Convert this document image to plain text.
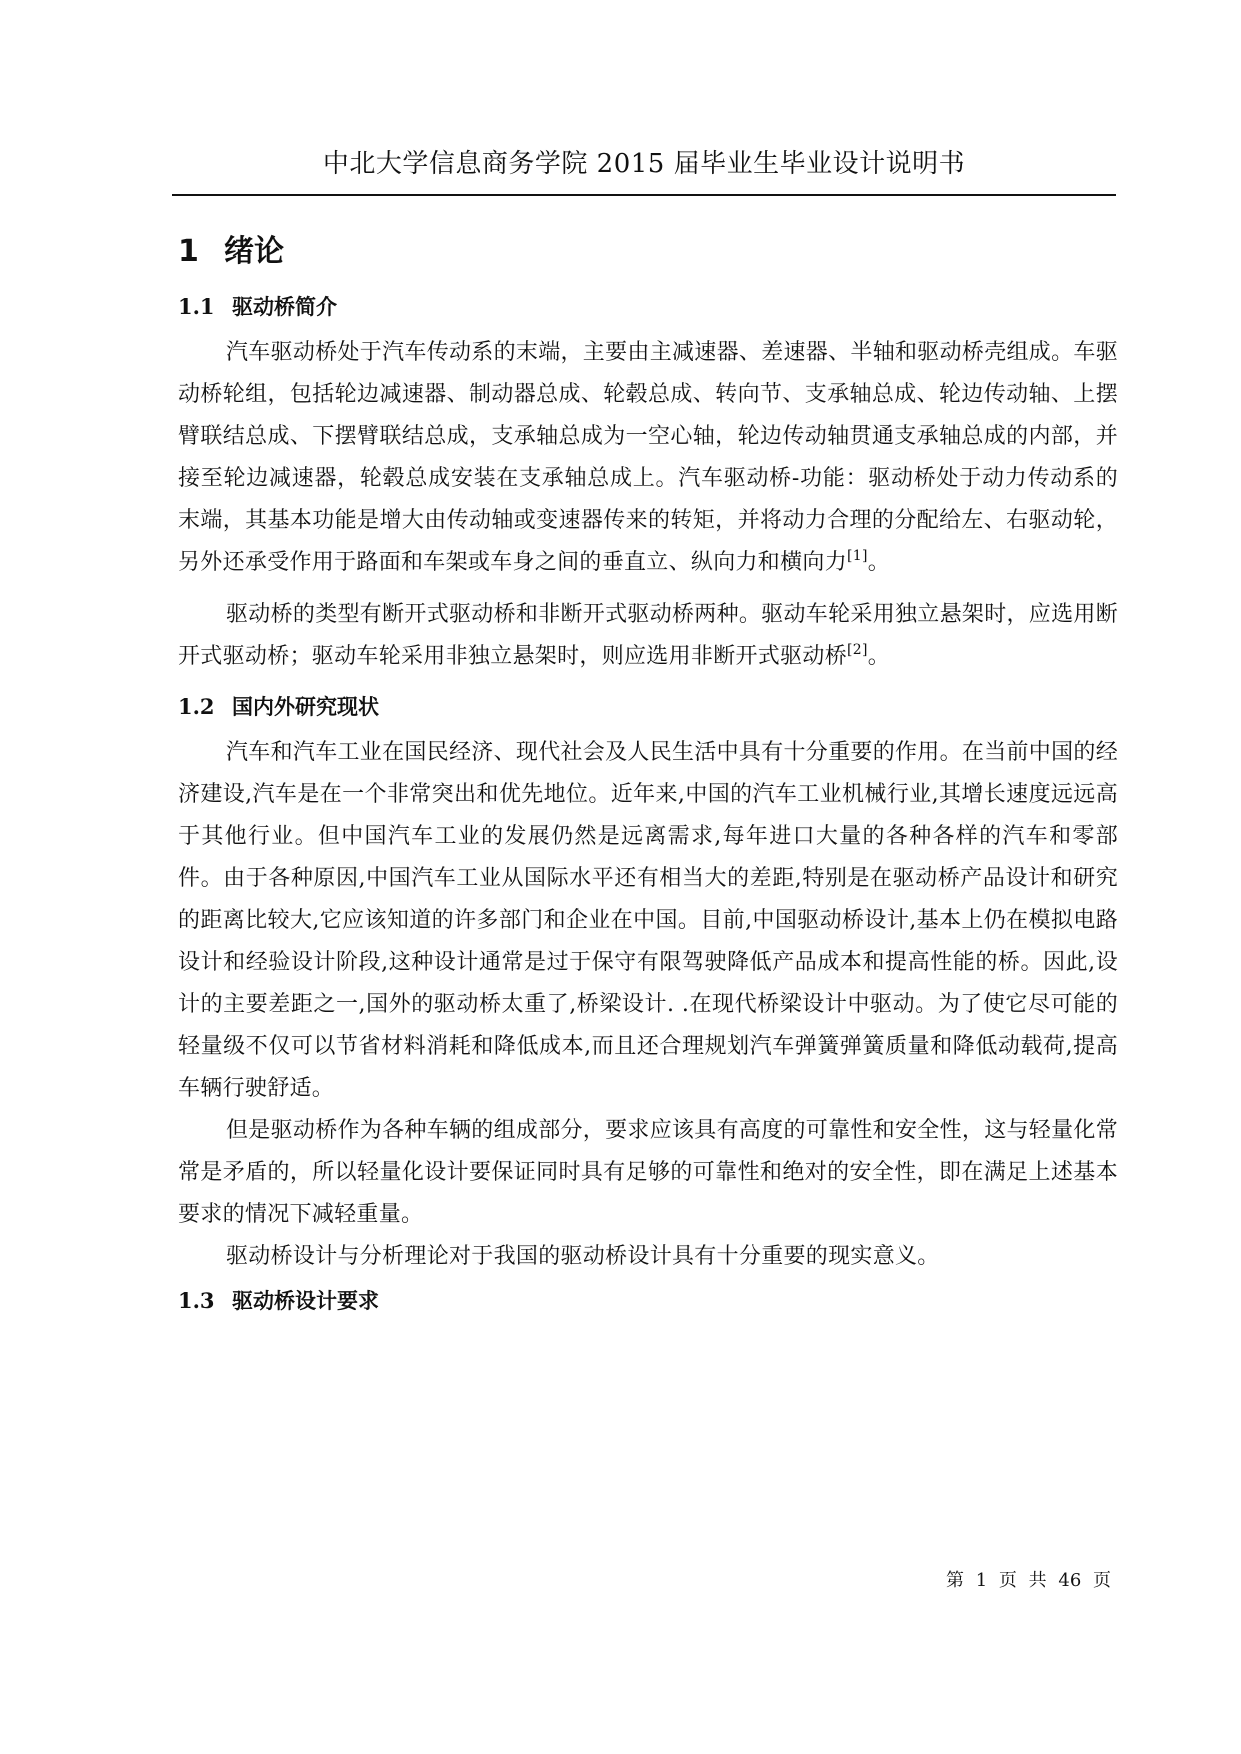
中北大学信息商务学院 2015 届毕业生毕业设计说明书
1 绪论
1.1 驱动桥简介

汽车驱动桥处于汽车传动系的末端，主要由主减速器、差速器、半轴和驱动桥壳组成。车驱动桥轮组，包括轮边减速器、制动器总成、轮毂总成、转向节、支承轴总成、轮边传动轴、上摆臂联结总成、下摆臂联结总成，支承轴总成为一空心轴，轮边传动轴贯通支承轴总成的内部，并接至轮边减速器，轮毂总成安装在支承轴总成上。汽车驱动桥-功能：驱动桥处于动力传动系的末端，其基本功能是增大由传动轴或变速器传来的转矩，并将动力合理的分配给左、右驱动轮，另外还承受作用于路面和车架或车身之间的垂直立、纵向力和横向力[1]。

驱动桥的类型有断开式驱动桥和非断开式驱动桥两种。驱动车轮采用独立悬架时，应选用断开式驱动桥；驱动车轮采用非独立悬架时，则应选用非断开式驱动桥[2]。

1.2 国内外研究现状

汽车和汽车工业在国民经济、现代社会及人民生活中具有十分重要的作用。在当前中国的经济建设,汽车是在一个非常突出和优先地位。近年来,中国的汽车工业机械行业,其增长速度远远高于其他行业。但中国汽车工业的发展仍然是远离需求,每年进口大量的各种各样的汽车和零部件。由于各种原因,中国汽车工业从国际水平还有相当大的差距,特别是在驱动桥产品设计和研究的距离比较大,它应该知道的许多部门和企业在中国。目前,中国驱动桥设计,基本上仍在模拟电路设计和经验设计阶段,这种设计通常是过于保守有限驾驶降低产品成本和提高性能的桥。因此,设计的主要差距之一,国外的驱动桥太重了,桥梁设计. .在现代桥梁设计中驱动。为了使它尽可能的轻量级不仅可以节省材料消耗和降低成本,而且还合理规划汽车弹簧弹簧质量和降低动载荷,提高车辆行驶舒适。

但是驱动桥作为各种车辆的组成部分，要求应该具有高度的可靠性和安全性，这与轻量化常常是矛盾的，所以轻量化设计要保证同时具有足够的可靠性和绝对的安全性，即在满足上述基本要求的情况下减轻重量。

驱动桥设计与分析理论对于我国的驱动桥设计具有十分重要的现实意义。

1.3 驱动桥设计要求
第 1 页 共 46 页
